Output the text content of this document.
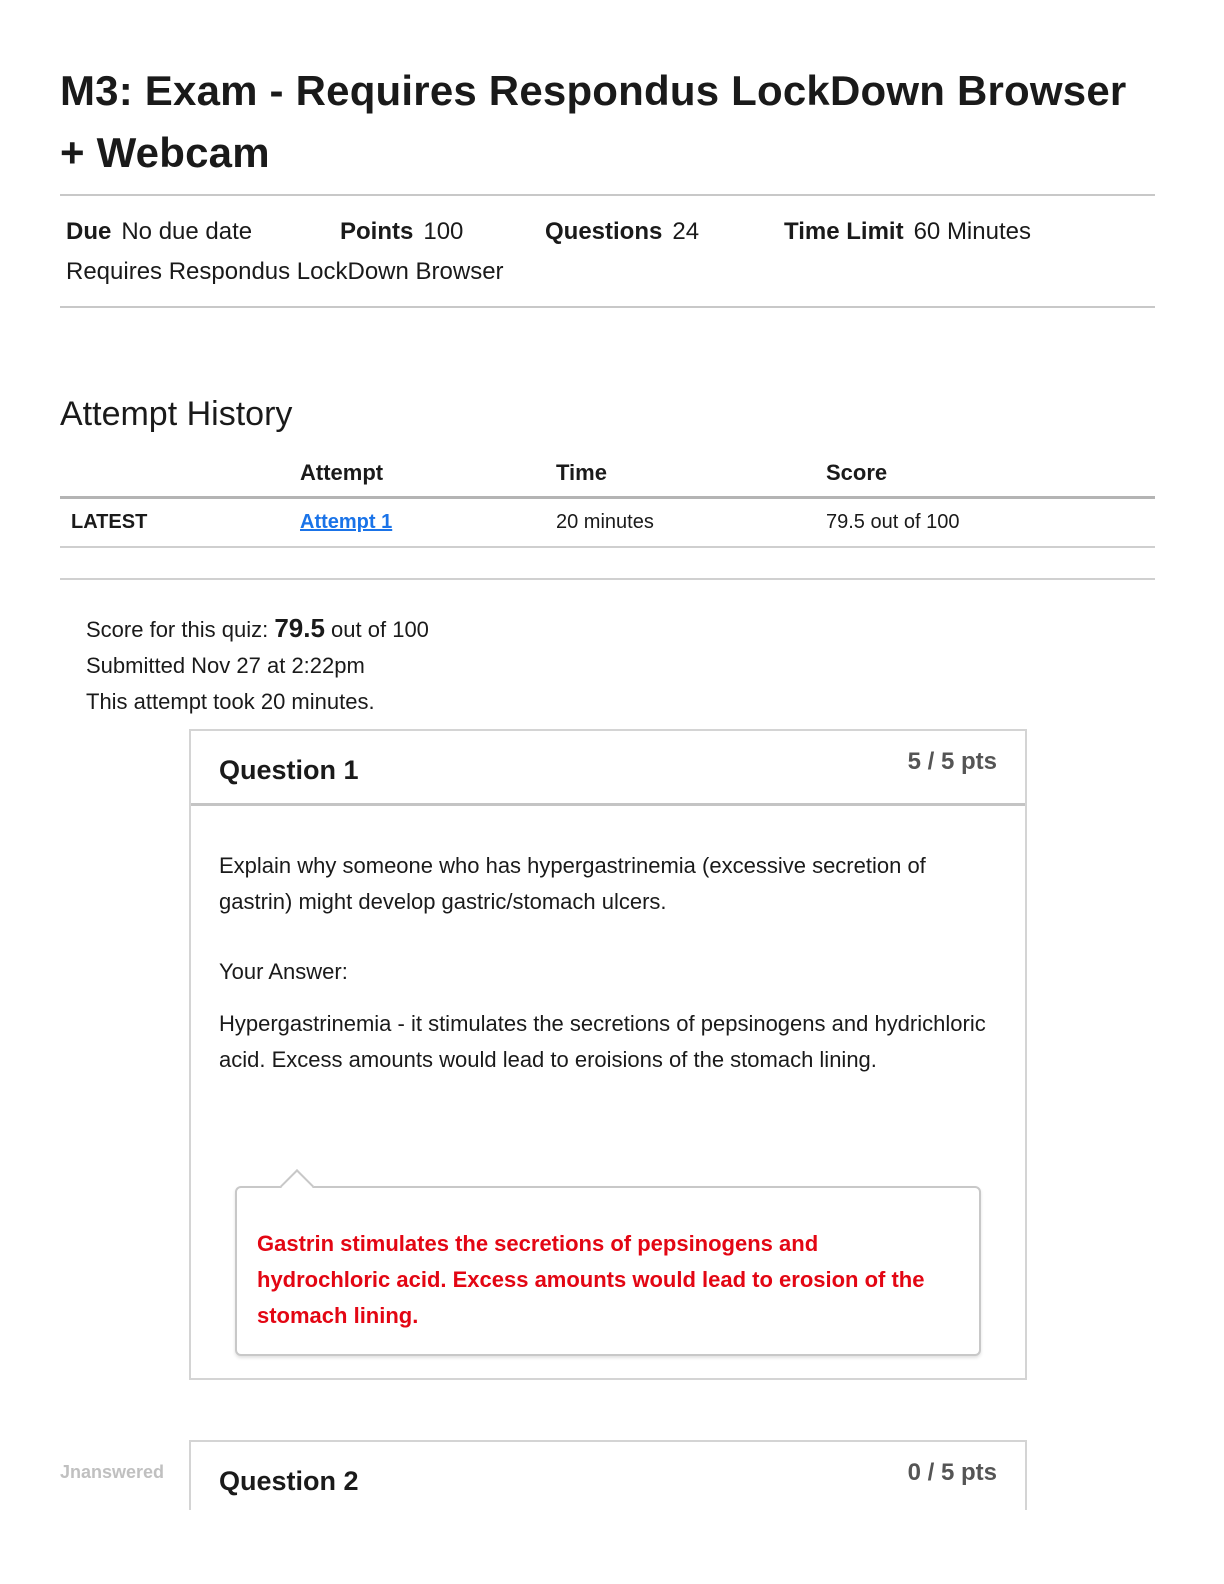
M3: Exam - Requires Respondus LockDown Browser + Webcam
Due No due date	Points 100	Questions 24	Time Limit 60 Minutes
Requires Respondus LockDown Browser
Attempt History
	Attempt	Time	Score
LATEST	Attempt 1	20 minutes	79.5 out of 100
Score for this quiz: 79.5 out of 100
Submitted Nov 27 at 2:22pm
This attempt took 20 minutes.
Question 1	5 / 5 pts

Explain why someone who has hypergastrinemia (excessive secretion of gastrin) might develop gastric/stomach ulcers.

Your Answer:

Hypergastrinemia - it stimulates the secretions of pepsinogens and hydrichloric acid. Excess amounts would lead to eroisions of the stomach lining.

Gastrin stimulates the secretions of pepsinogens and hydrochloric acid. Excess amounts would lead to erosion of the stomach lining.
Jnanswered	Question 2	0 / 5 pts
